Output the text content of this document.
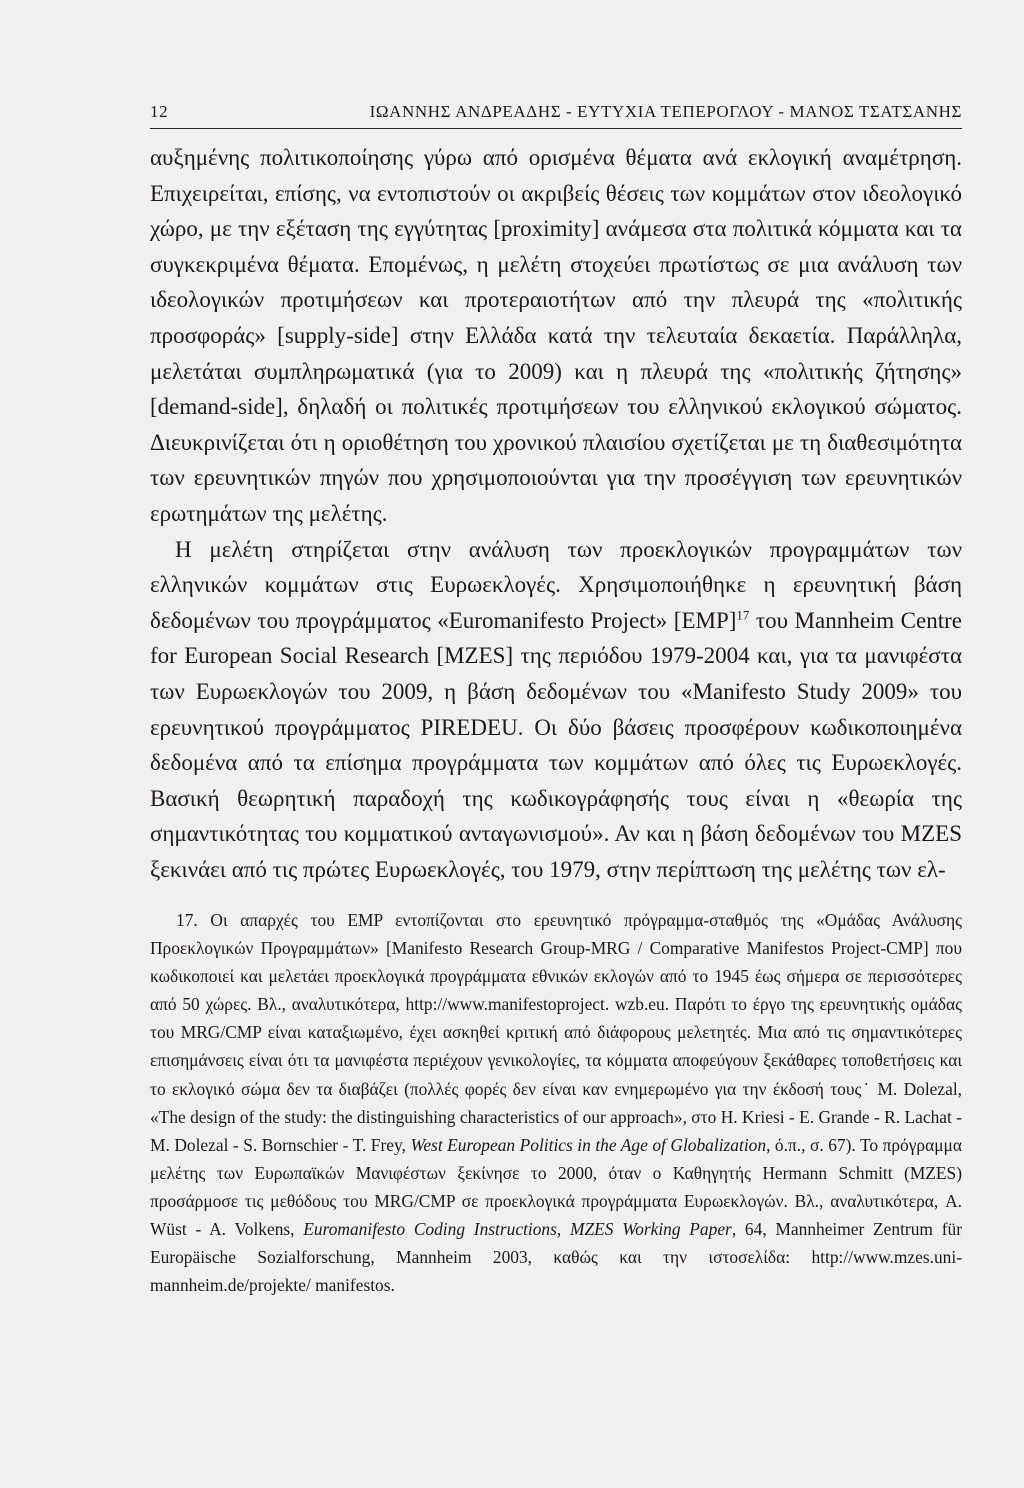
12	ΙΩΑΝΝΗΣ ΑΝΔΡΕΑΔΗΣ - ΕΥΤΥΧΙΑ ΤΕΠΕΡΟΓΛΟΥ - ΜΑΝΟΣ ΤΣΑΤΣΑΝΗΣ

αυξημένης πολιτικοποίησης γύρω από ορισμένα θέματα ανά εκλογική αναμέτρηση. Επιχειρείται, επίσης, να εντοπιστούν οι ακριβείς θέσεις των κομμάτων στον ιδεολογικό χώρο, με την εξέταση της εγγύτητας [proximity] ανάμεσα στα πολιτικά κόμματα και τα συγκεκριμένα θέματα. Επομένως, η μελέτη στοχεύει πρωτίστως σε μια ανάλυση των ιδεολογικών προτιμήσεων και προτεραιοτήτων από την πλευρά της «πολιτικής προσφοράς» [supply-side] στην Ελλάδα κατά την τελευταία δεκαετία. Παράλληλα, μελετάται συμπληρωματικά (για το 2009) και η πλευρά της «πολιτικής ζήτησης» [demand-side], δηλαδή οι πολιτικές προτιμήσεων του ελληνικού εκλογικού σώματος. Διευκρινίζεται ότι η οριοθέτηση του χρονικού πλαισίου σχετίζεται με τη διαθεσιμότητα των ερευνητικών πηγών που χρησιμοποιούνται για την προσέγγιση των ερευνητικών ερωτημάτων της μελέτης.

Η μελέτη στηρίζεται στην ανάλυση των προεκλογικών προγραμμάτων των ελληνικών κομμάτων στις Ευρωεκλογές. Χρησιμοποιήθηκε η ερευνητική βάση δεδομένων του προγράμματος «Euromanifesto Project» [EMP]$^{17}$ του Mannheim Centre for European Social Research [MZES] της περιόδου 1979-2004 και, για τα μανιφέστα των Ευρωεκλογών του 2009, η βάση δεδομένων του «Manifesto Study 2009» του ερευνητικού προγράμματος PIREDEU. Οι δύο βάσεις προσφέρουν κωδικοποιημένα δεδομένα από τα επίσημα προγράμματα των κομμάτων από όλες τις Ευρωεκλογές. Βασική θεωρητική παραδοχή της κωδικογράφησής τους είναι η «θεωρία της σημαντικότητας του κομματικού ανταγωνισμού». Αν και η βάση δεδομένων του MZES ξεκινάει από τις πρώτες Ευρωεκλογές, του 1979, στην περίπτωση της μελέτης των ελ-

17. Οι απαρχές του EMP εντοπίζονται στο ερευνητικό πρόγραμμα-σταθμός της «Ομάδας Ανάλυσης Προεκλογικών Προγραμμάτων» [Manifesto Research Group-MRG / Comparative Manifestos Project-CMP] που κωδικοποιεί και μελετάει προεκλογικά προγράμματα εθνικών εκλογών από το 1945 έως σήμερα σε περισσότερες από 50 χώρες. Βλ., αναλυτικότερα, http://www.manifestoproject. wzb.eu. Παρότι το έργο της ερευνητικής ομάδας του MRG/CMP είναι καταξιωμένο, έχει ασκηθεί κριτική από διάφορους μελετητές. Μια από τις σημαντικότερες επισημάνσεις είναι ότι τα μανιφέστα περιέχουν γενικολογίες, τα κόμματα αποφεύγουν ξεκάθαρες τοποθετήσεις και το εκλογικό σώμα δεν τα διαβάζει (πολλές φορές δεν είναι καν ενημερωμένο για την έκδοσή τους˙ M. Dolezal, «The design of the study: the distinguishing characteristics of our approach», στο H. Kriesi - E. Grande - R. Lachat - M. Dolezal - S. Bornschier - T. Frey, West European Politics in the Age of Globalization, ό.π., σ. 67). Το πρόγραμμα μελέτης των Ευρωπαϊκών Μανιφέστων ξεκίνησε το 2000, όταν ο Καθηγητής Hermann Schmitt (MZES) προσάρμοσε τις μεθόδους του MRG/CMP σε προεκλογικά προγράμματα Ευρωεκλογών. Βλ., αναλυτικότερα, A. Wüst - A. Volkens, Euromanifesto Coding Instructions, MZES Working Paper, 64, Mannheimer Zentrum für Europäische Sozialforschung, Mannheim 2003, καθώς και την ιστοσελίδα: http://www.mzes.uni-mannheim.de/projekte/ manifestos.
